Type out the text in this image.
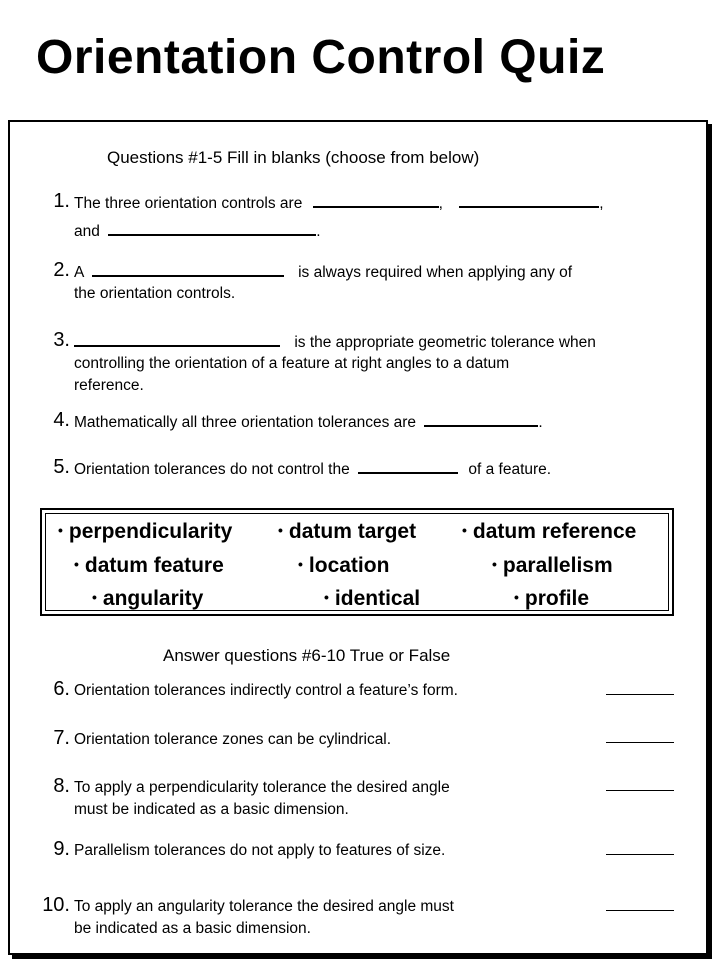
Orientation Control Quiz
Questions #1-5 Fill in blanks (choose from below)
1. The three orientation controls are	,	,
and	.
2. A	is always required when applying any of
the orientation controls.
3.	is the appropriate geometric tolerance when
controlling the orientation of a feature at right angles to a datum
reference.
4. Mathematically all three orientation tolerances are	.
5. Orientation tolerances do not control the	of a feature.
• perpendicularity	• datum target	• datum reference
• datum feature	• location	• parallelism
• angularity	• identical	• profile
Answer questions #6-10 True or False
6. Orientation tolerances indirectly control a feature’s form.
7. Orientation tolerance zones can be cylindrical.
8. To apply a perpendicularity tolerance the desired angle
must be indicated as a basic dimension.
9. Parallelism tolerances do not apply to features of size.
10. To apply an angularity tolerance the desired angle must
be indicated as a basic dimension.
